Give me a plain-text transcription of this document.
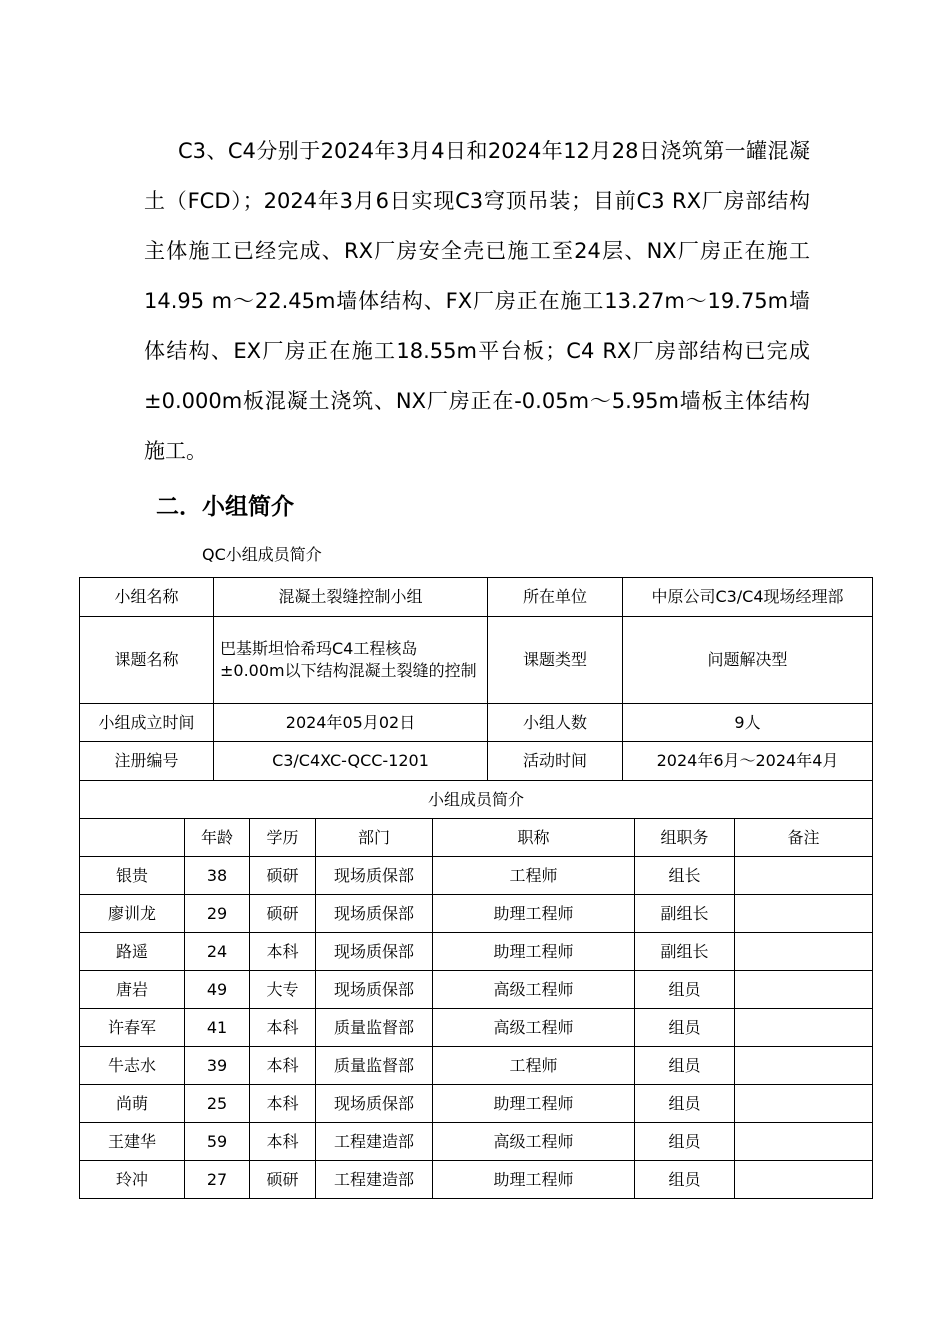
C3、C4分别于2024年3月4日和2024年12月28日浇筑第一罐混凝土（FCD）；2024年3月6日实现C3穹顶吊装；目前C3 RX厂房部结构主体施工已经完成、RX厂房安全壳已施工至24层、NX厂房正在施工14.95 m～22.45m墙体结构、FX厂房正在施工13.27m～19.75m墙体结构、EX厂房正在施工18.55m平台板；C4 RX厂房部结构已完成±0.000m板混凝土浇筑、NX厂房正在-0.05m～5.95m墙板主体结构施工。

二．小组简介

QC小组成员简介

小组名称	混凝土裂缝控制小组	所在单位	中原公司C3/C4现场经理部
课题名称	巴基斯坦恰希玛C4工程核岛±0.00m以下结构混凝土裂缝的控制	课题类型	问题解决型
小组成立时间	2024年05月02日	小组人数	9人
注册编号	C3/C4XC-QCC-1201	活动时间	2024年6月～2024年4月
小组成员简介						
	年龄	学历	部门	职称	组职务	备注
银贵	38	硕研	现场质保部	工程师	组长	
廖训龙	29	硕研	现场质保部	助理工程师	副组长	
路遥	24	本科	现场质保部	助理工程师	副组长	
唐岩	49	大专	现场质保部	高级工程师	组员	
许春军	41	本科	质量监督部	高级工程师	组员	
牛志水	39	本科	质量监督部	工程师	组员	
尚萌	25	本科	现场质保部	助理工程师	组员	
王建华	59	本科	工程建造部	高级工程师	组员	
玲冲	27	硕研	工程建造部	助理工程师	组员	
